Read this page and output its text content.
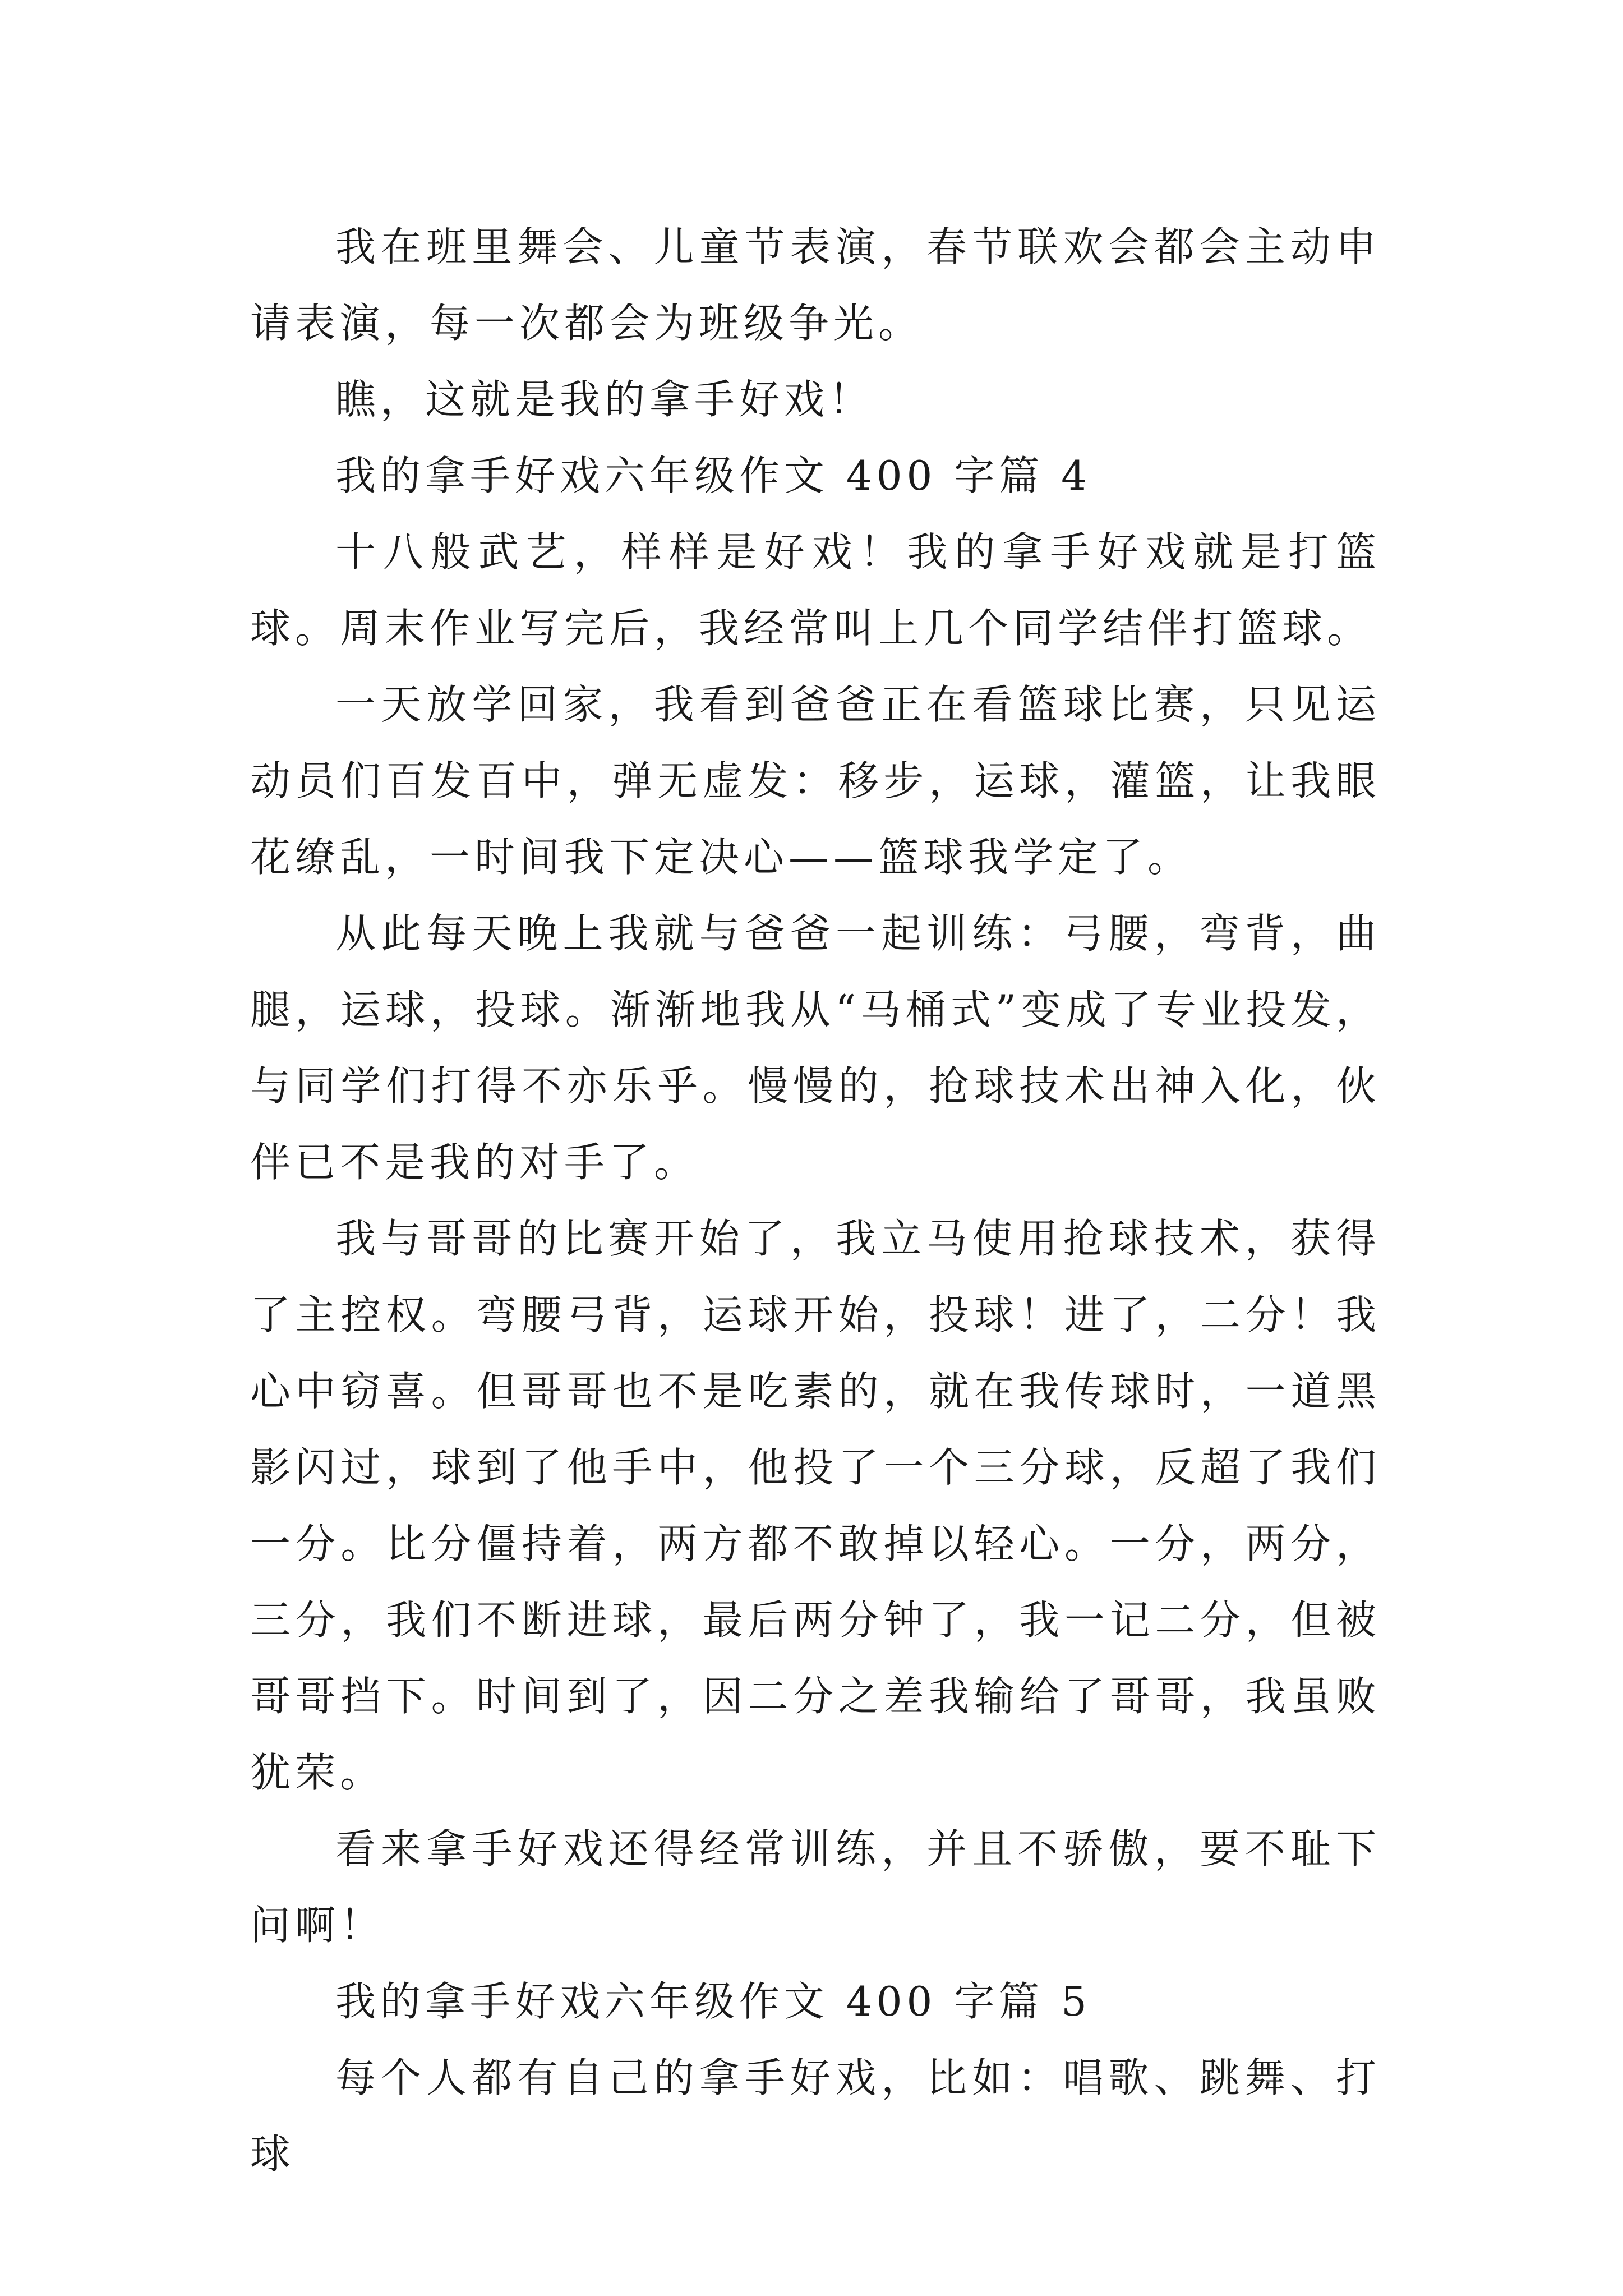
我在班里舞会、儿童节表演，春节联欢会都会主动申请表演，每一次都会为班级争光。

瞧，这就是我的拿手好戏！

我的拿手好戏六年级作文 400 字篇 4

十八般武艺，样样是好戏！我的拿手好戏就是打篮球。周末作业写完后，我经常叫上几个同学结伴打篮球。

一天放学回家，我看到爸爸正在看篮球比赛，只见运动员们百发百中，弹无虚发：移步，运球，灌篮，让我眼花缭乱，一时间我下定决心——篮球我学定了。

从此每天晚上我就与爸爸一起训练：弓腰，弯背，曲腿，运球，投球。渐渐地我从“马桶式”变成了专业投发，与同学们打得不亦乐乎。慢慢的，抢球技术出神入化，伙伴已不是我的对手了。

我与哥哥的比赛开始了，我立马使用抢球技术，获得了主控权。弯腰弓背，运球开始，投球！进了，二分！我心中窃喜。但哥哥也不是吃素的，就在我传球时，一道黑影闪过，球到了他手中，他投了一个三分球，反超了我们一分。比分僵持着，两方都不敢掉以轻心。一分，两分，三分，我们不断进球，最后两分钟了，我一记二分，但被哥哥挡下。时间到了，因二分之差我输给了哥哥，我虽败犹荣。

看来拿手好戏还得经常训练，并且不骄傲，要不耻下问啊！

我的拿手好戏六年级作文 400 字篇 5

每个人都有自己的拿手好戏，比如：唱歌、跳舞、打球
